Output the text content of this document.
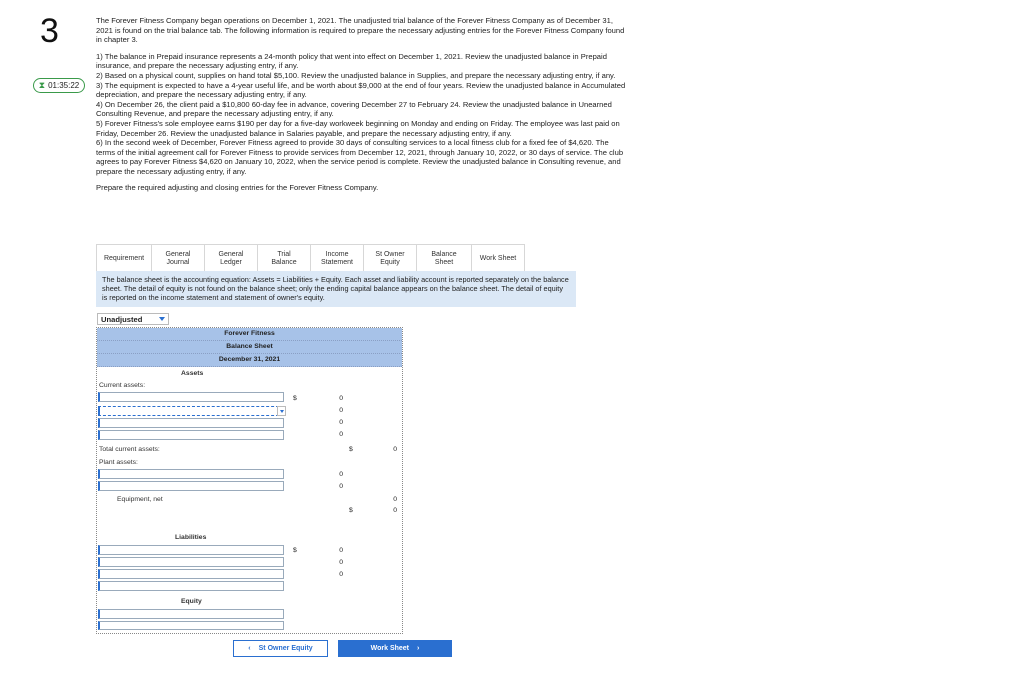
3
⧗ 01:35:22

The Forever Fitness Company began operations on December 1, 2021. The unadjusted trial balance of the Forever Fitness Company as of December 31, 2021 is found on the trial balance tab. The following information is required to prepare the necessary adjusting entries for the Forever Fitness Company found in chapter 3.

1) The balance in Prepaid insurance represents a 24-month policy that went into effect on December 1, 2021. Review the unadjusted balance in Prepaid insurance, and prepare the necessary adjusting entry, if any.
2) Based on a physical count, supplies on hand total $5,100. Review the unadjusted balance in Supplies, and prepare the necessary adjusting entry, if any.
3) The equipment is expected to have a 4-year useful life, and be worth about $9,000 at the end of four years. Review the unadjusted balance in Accumulated depreciation, and prepare the necessary adjusting entry, if any.
4) On December 26, the client paid a $10,800 60-day fee in advance, covering December 27 to February 24. Review the unadjusted balance in Unearned Consulting Revenue, and prepare the necessary adjusting entry, if any.
5) Forever Fitness's sole employee earns $190 per day for a five-day workweek beginning on Monday and ending on Friday. The employee was last paid on Friday, December 26. Review the unadjusted balance in Salaries payable, and prepare the necessary adjusting entry, if any.
6) In the second week of December, Forever Fitness agreed to provide 30 days of consulting services to a local fitness club for a fixed fee of $4,620. The terms of the initial agreement call for Forever Fitness to provide services from December 12, 2021, through January 10, 2022, or 30 days of service. The club agrees to pay Forever Fitness $4,620 on January 10, 2022, when the service period is complete. Review the unadjusted balance in Consulting revenue, and prepare the necessary adjusting entry, if any.

Prepare the required adjusting and closing entries for the Forever Fitness Company.

Requirement
General
Journal
General
Ledger
Trial Balance
Income
Statement
St Owner
Equity
Balance Sheet
Work Sheet
The balance sheet is the accounting equation: Assets = Liabilities + Equity. Each asset and liability account is reported separately on the balance sheet. The detail of equity is not found on the balance sheet; only the ending capital balance appears on the balance sheet. The detail of equity is reported on the income statement and statement of owner's equity.
Unadjusted
Forever Fitness
Balance Sheet
December 31, 2021
Assets
Current assets:
$	0
0
0
0
Total current assets:	$	0
Plant assets:
0
0
Equipment, net	0
$	0
Liabilities
$	0
0
0
Equity
‹ St Owner Equity	Work Sheet ›
